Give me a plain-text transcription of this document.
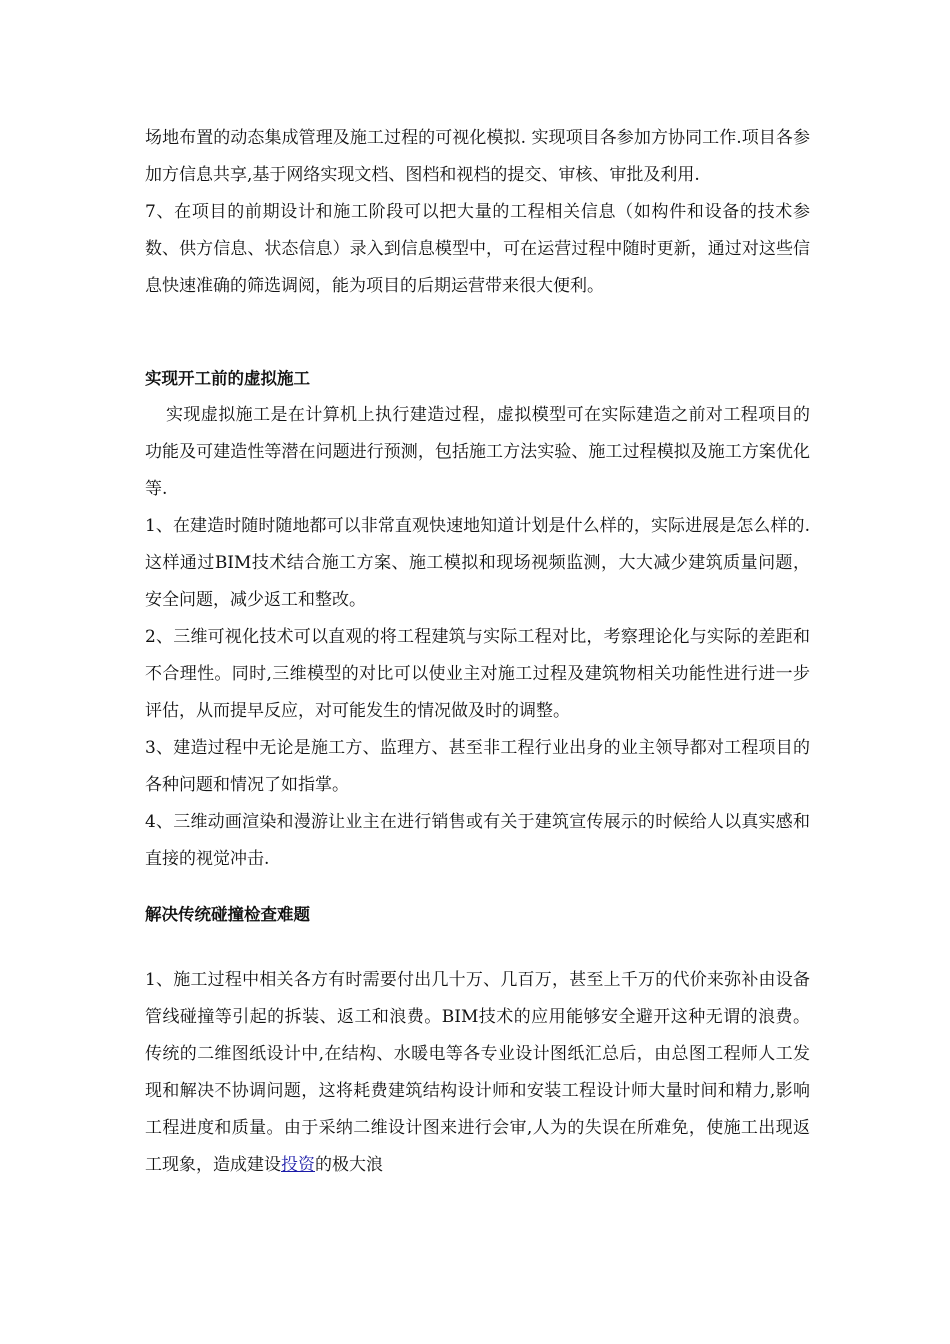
场地布置的动态集成管理及施工过程的可视化模拟. 实现项目各参加方协同工作.项目各参加方信息共享,基于网络实现文档、图档和视档的提交、审核、审批及利用.

7、在项目的前期设计和施工阶段可以把大量的工程相关信息（如构件和设备的技术参数、供方信息、状态信息）录入到信息模型中，可在运营过程中随时更新，通过对这些信息快速准确的筛选调阅，能为项目的后期运营带来很大便利。

实现开工前的虚拟施工

实现虚拟施工是在计算机上执行建造过程，虚拟模型可在实际建造之前对工程项目的功能及可建造性等潜在问题进行预测，包括施工方法实验、施工过程模拟及施工方案优化等.

1、在建造时随时随地都可以非常直观快速地知道计划是什么样的，实际进展是怎么样的.这样通过BIM技术结合施工方案、施工模拟和现场视频监测，大大减少建筑质量问题，安全问题，减少返工和整改。

2、三维可视化技术可以直观的将工程建筑与实际工程对比，考察理论化与实际的差距和不合理性。同时,三维模型的对比可以使业主对施工过程及建筑物相关功能性进行进一步评估，从而提早反应，对可能发生的情况做及时的调整。

3、建造过程中无论是施工方、监理方、甚至非工程行业出身的业主领导都对工程项目的各种问题和情况了如指掌。

4、三维动画渲染和漫游让业主在进行销售或有关于建筑宣传展示的时候给人以真实感和直接的视觉冲击.

解决传统碰撞检查难题

1、施工过程中相关各方有时需要付出几十万、几百万，甚至上千万的代价来弥补由设备管线碰撞等引起的拆装、返工和浪费。BIM技术的应用能够安全避开这种无谓的浪费。传统的二维图纸设计中,在结构、水暖电等各专业设计图纸汇总后，由总图工程师人工发现和解决不协调问题，这将耗费建筑结构设计师和安装工程设计师大量时间和精力,影响工程进度和质量。由于采纳二维设计图来进行会审,人为的失误在所难免，使施工出现返工现象，造成建设投资的极大浪
